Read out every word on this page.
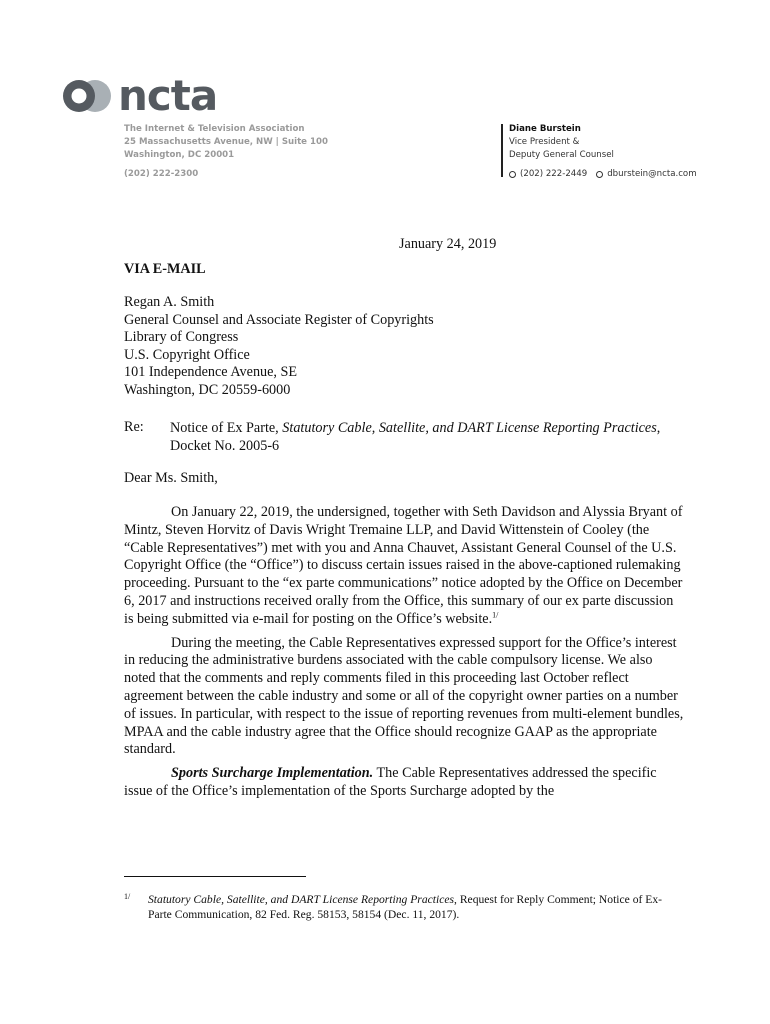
ncta
The Internet & Television Association
25 Massachusetts Avenue, NW | Suite 100
Washington, DC 20001
(202) 222-2300
Diane Burstein
Vice President &
Deputy General Counsel
(202) 222-2449 dburstein@ncta.com
January 24, 2019
VIA E-MAIL
Regan A. Smith
General Counsel and Associate Register of Copyrights
Library of Congress
U.S. Copyright Office
101 Independence Avenue, SE
Washington, DC 20559-6000
Re: Notice of Ex Parte, Statutory Cable, Satellite, and DART License Reporting Practices, Docket No. 2005-6
Dear Ms. Smith,

On January 22, 2019, the undersigned, together with Seth Davidson and Alyssia Bryant of Mintz, Steven Horvitz of Davis Wright Tremaine LLP, and David Wittenstein of Cooley (the “Cable Representatives”) met with you and Anna Chauvet, Assistant General Counsel of the U.S. Copyright Office (the “Office”) to discuss certain issues raised in the above-captioned rulemaking proceeding. Pursuant to the “ex parte communications” notice adopted by the Office on December 6, 2017 and instructions received orally from the Office, this summary of our ex parte discussion is being submitted via e-mail for posting on the Office’s website.$^{1/}$

During the meeting, the Cable Representatives expressed support for the Office’s interest in reducing the administrative burdens associated with the cable compulsory license. We also noted that the comments and reply comments filed in this proceeding last October reflect agreement between the cable industry and some or all of the copyright owner parties on a number of issues. In particular, with respect to the issue of reporting revenues from multi-element bundles, MPAA and the cable industry agree that the Office should recognize GAAP as the appropriate standard.

Sports Surcharge Implementation. The Cable Representatives addressed the specific issue of the Office’s implementation of the Sports Surcharge adopted by the

1/ Statutory Cable, Satellite, and DART License Reporting Practices, Request for Reply Comment; Notice of Ex-Parte Communication, 82 Fed. Reg. 58153, 58154 (Dec. 11, 2017).
